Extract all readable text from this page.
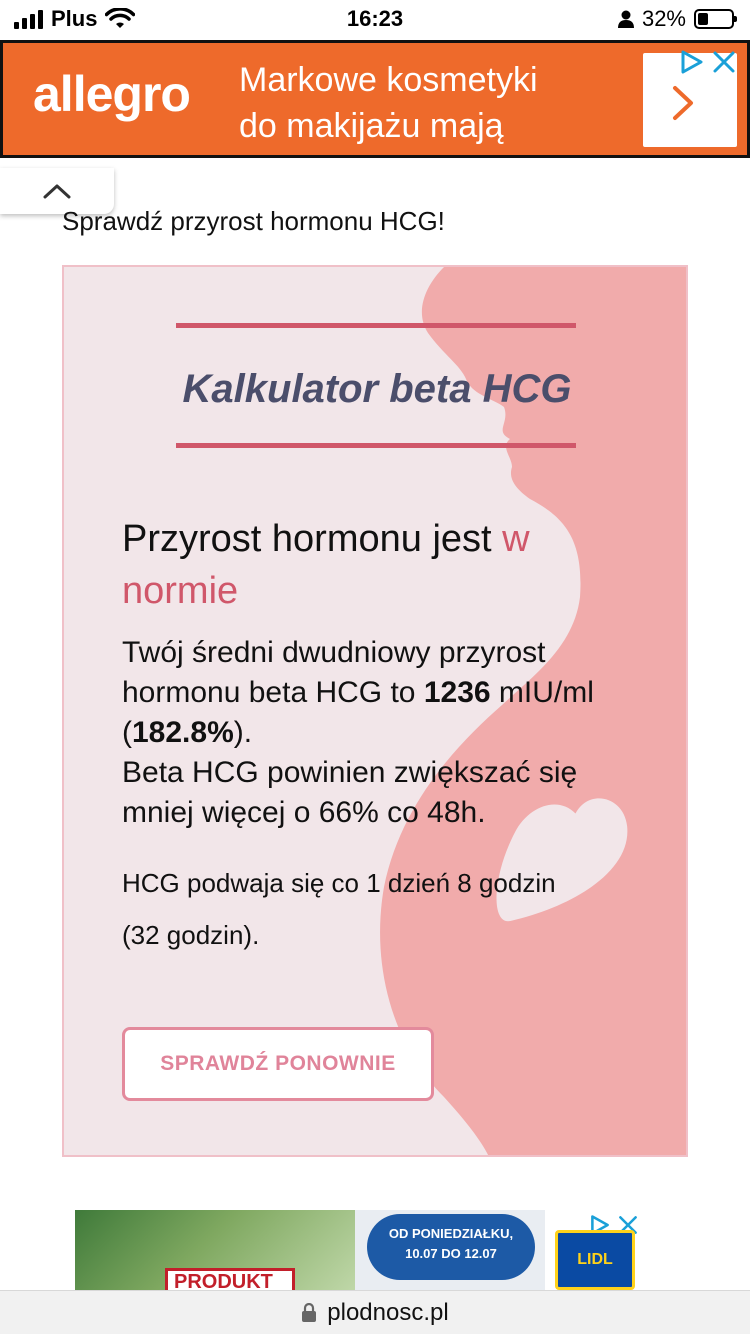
Plus	16:23	32%
allegro Markowe kosmetyki
do makijażu mają
Sprawdź przyrost hormonu HCG!
Kalkulator beta HCG
Przyrost hormonu jest w normie
Twój średni dwudniowy przyrost hormonu beta HCG to 1236 mIU/ml (182.8%).
Beta HCG powinien zwiększać się mniej więcej o 66% co 48h.
HCG podwaja się co 1 dzień 8 godzin
(32 godzin).
SPRAWDŹ PONOWNIE
PRODUKT
OD PONIEDZIAŁKU,
10.07 DO 12.07	LIDL
plodnosc.pl
